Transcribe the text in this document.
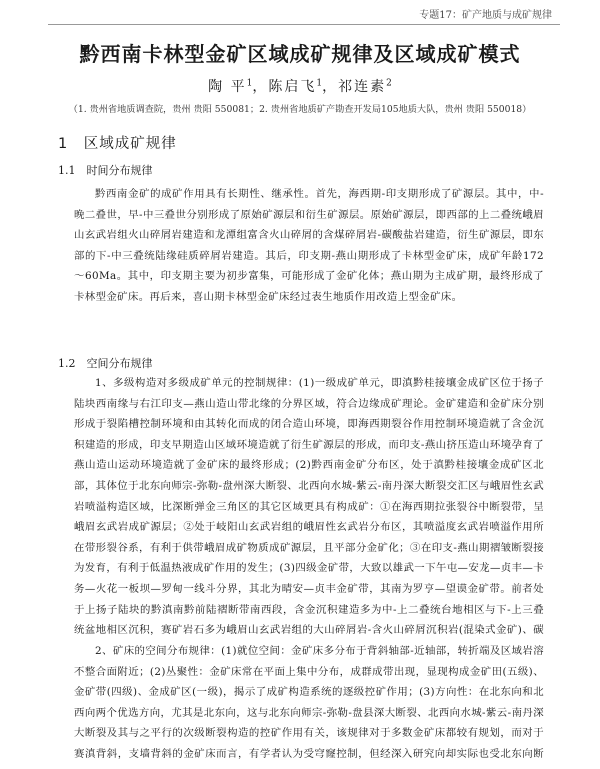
专题17：矿产地质与成矿规律
黔西南卡林型金矿区域成矿规律及区域成矿模式
陶 平$^1$，陈启飞$^1$，祁连素$^2$
（1. 贵州省地质调查院，贵州 贵阳 550081；2. 贵州省地质矿产勘查开发局105地质大队，贵州 贵阳 550018）
1　区域成矿规律
1.1　时间分布规律

黔西南金矿的成矿作用具有长期性、继承性。首先，海西期-印支期形成了矿源层。其中，中-晚二叠世，早-中三叠世分别形成了原始矿源层和衍生矿源层。原始矿源层，即西部的上二叠统峨眉山玄武岩组火山碎屑岩建造和龙潭组富含火山碎屑的含煤碎屑岩-碳酸盐岩建造，衍生矿源层，即东部的下-中三叠统陆缘硅质碎屑岩建造。其后，印支期-燕山期形成了卡林型金矿床，成矿年龄172～60Ma。其中，印支期主要为初步富集，可能形成了金矿化体；燕山期为主成矿期，最终形成了卡林型金矿床。再后来，喜山期卡林型金矿床经过表生地质作用改造上型金矿床。

1.2　空间分布规律

1、多级构造对多级成矿单元的控制规律：(1)一级成矿单元，即滇黔桂接壤金成矿区位于扬子陆块西南缘与右江印支—燕山造山带北缘的分界区域，符合边缘成矿理论。金矿建造和金矿床分别形成于裂陷槽控制环境和由其转化而成的闭合造山环境，即海西期裂谷作用控制环境造就了含金沉积建造的形成，印支早期造山区域环境造就了衍生矿源层的形成，而印支-燕山挤压造山环境孕育了燕山造山运动环境造就了金矿床的最终形成；(2)黔西南金矿分布区，处于滇黔桂接壤金成矿区北部，其体位于北东向师宗-弥勒-盘州深大断裂、北西向水城-紫云-南丹深大断裂交汇区与峨眉性玄武岩喷溢构造区域，比深断弹金三角区的其它区域更具有构成矿：①在海西期拉张裂谷中断裂带，呈峨眉玄武岩成矿源层；②处于岐阳山玄武岩组的峨眉性玄武岩分布区，其喷溢度玄武岩喷溢作用所在带形裂谷系，有利于供带峨眉成矿物质成矿源层，且平部分金矿化；③在印支-燕山期褶皱断裂接为发育，有利于低温热液成矿作用的发生；(3)四级金矿带，大致以雄武一下午屯—安龙—贞丰—卡务—火花一板坝—罗甸一线斗分界，其北为晴安—贞丰金矿带，其南为罗亨—望谟金矿带。前者处于上扬子陆块的黔滇南黔前陆褶断带南西段，含金沉积建造多为中-上二叠统台地相区与下-上三叠统盆地相区沉积，赛矿岩石多为峨眉山玄武岩组的大山碎屑岩-含火山碎屑沉积岩(混染式金矿)、碳

2、矿床的空间分布规律：(1)就位空间：金矿床多分布于背斜轴部-近轴部，转折端及区域岩溶不整合面附近；(2)丛聚性：金矿床常在平面上集中分布，成群成带出现，显现构成金矿田(五级)、金矿带(四级)、金成矿区(一级)，揭示了成矿构造系统的逐级控矿作用；(3)方向性：在北东向和北西向两个优选方向，尤其是北东向，这与北东向师宗-弥勒-盘县深大断裂、北西向水城-紫云-南丹深大断裂及其与之平行的次级断裂构造的控矿作用有关，该规律对于多数金矿床都较有规划，而对于赛滇背斜，支墙背斜的金矿床而言，有学者认为受穹窿控制，但经深入研究向却实际也受北东向断
